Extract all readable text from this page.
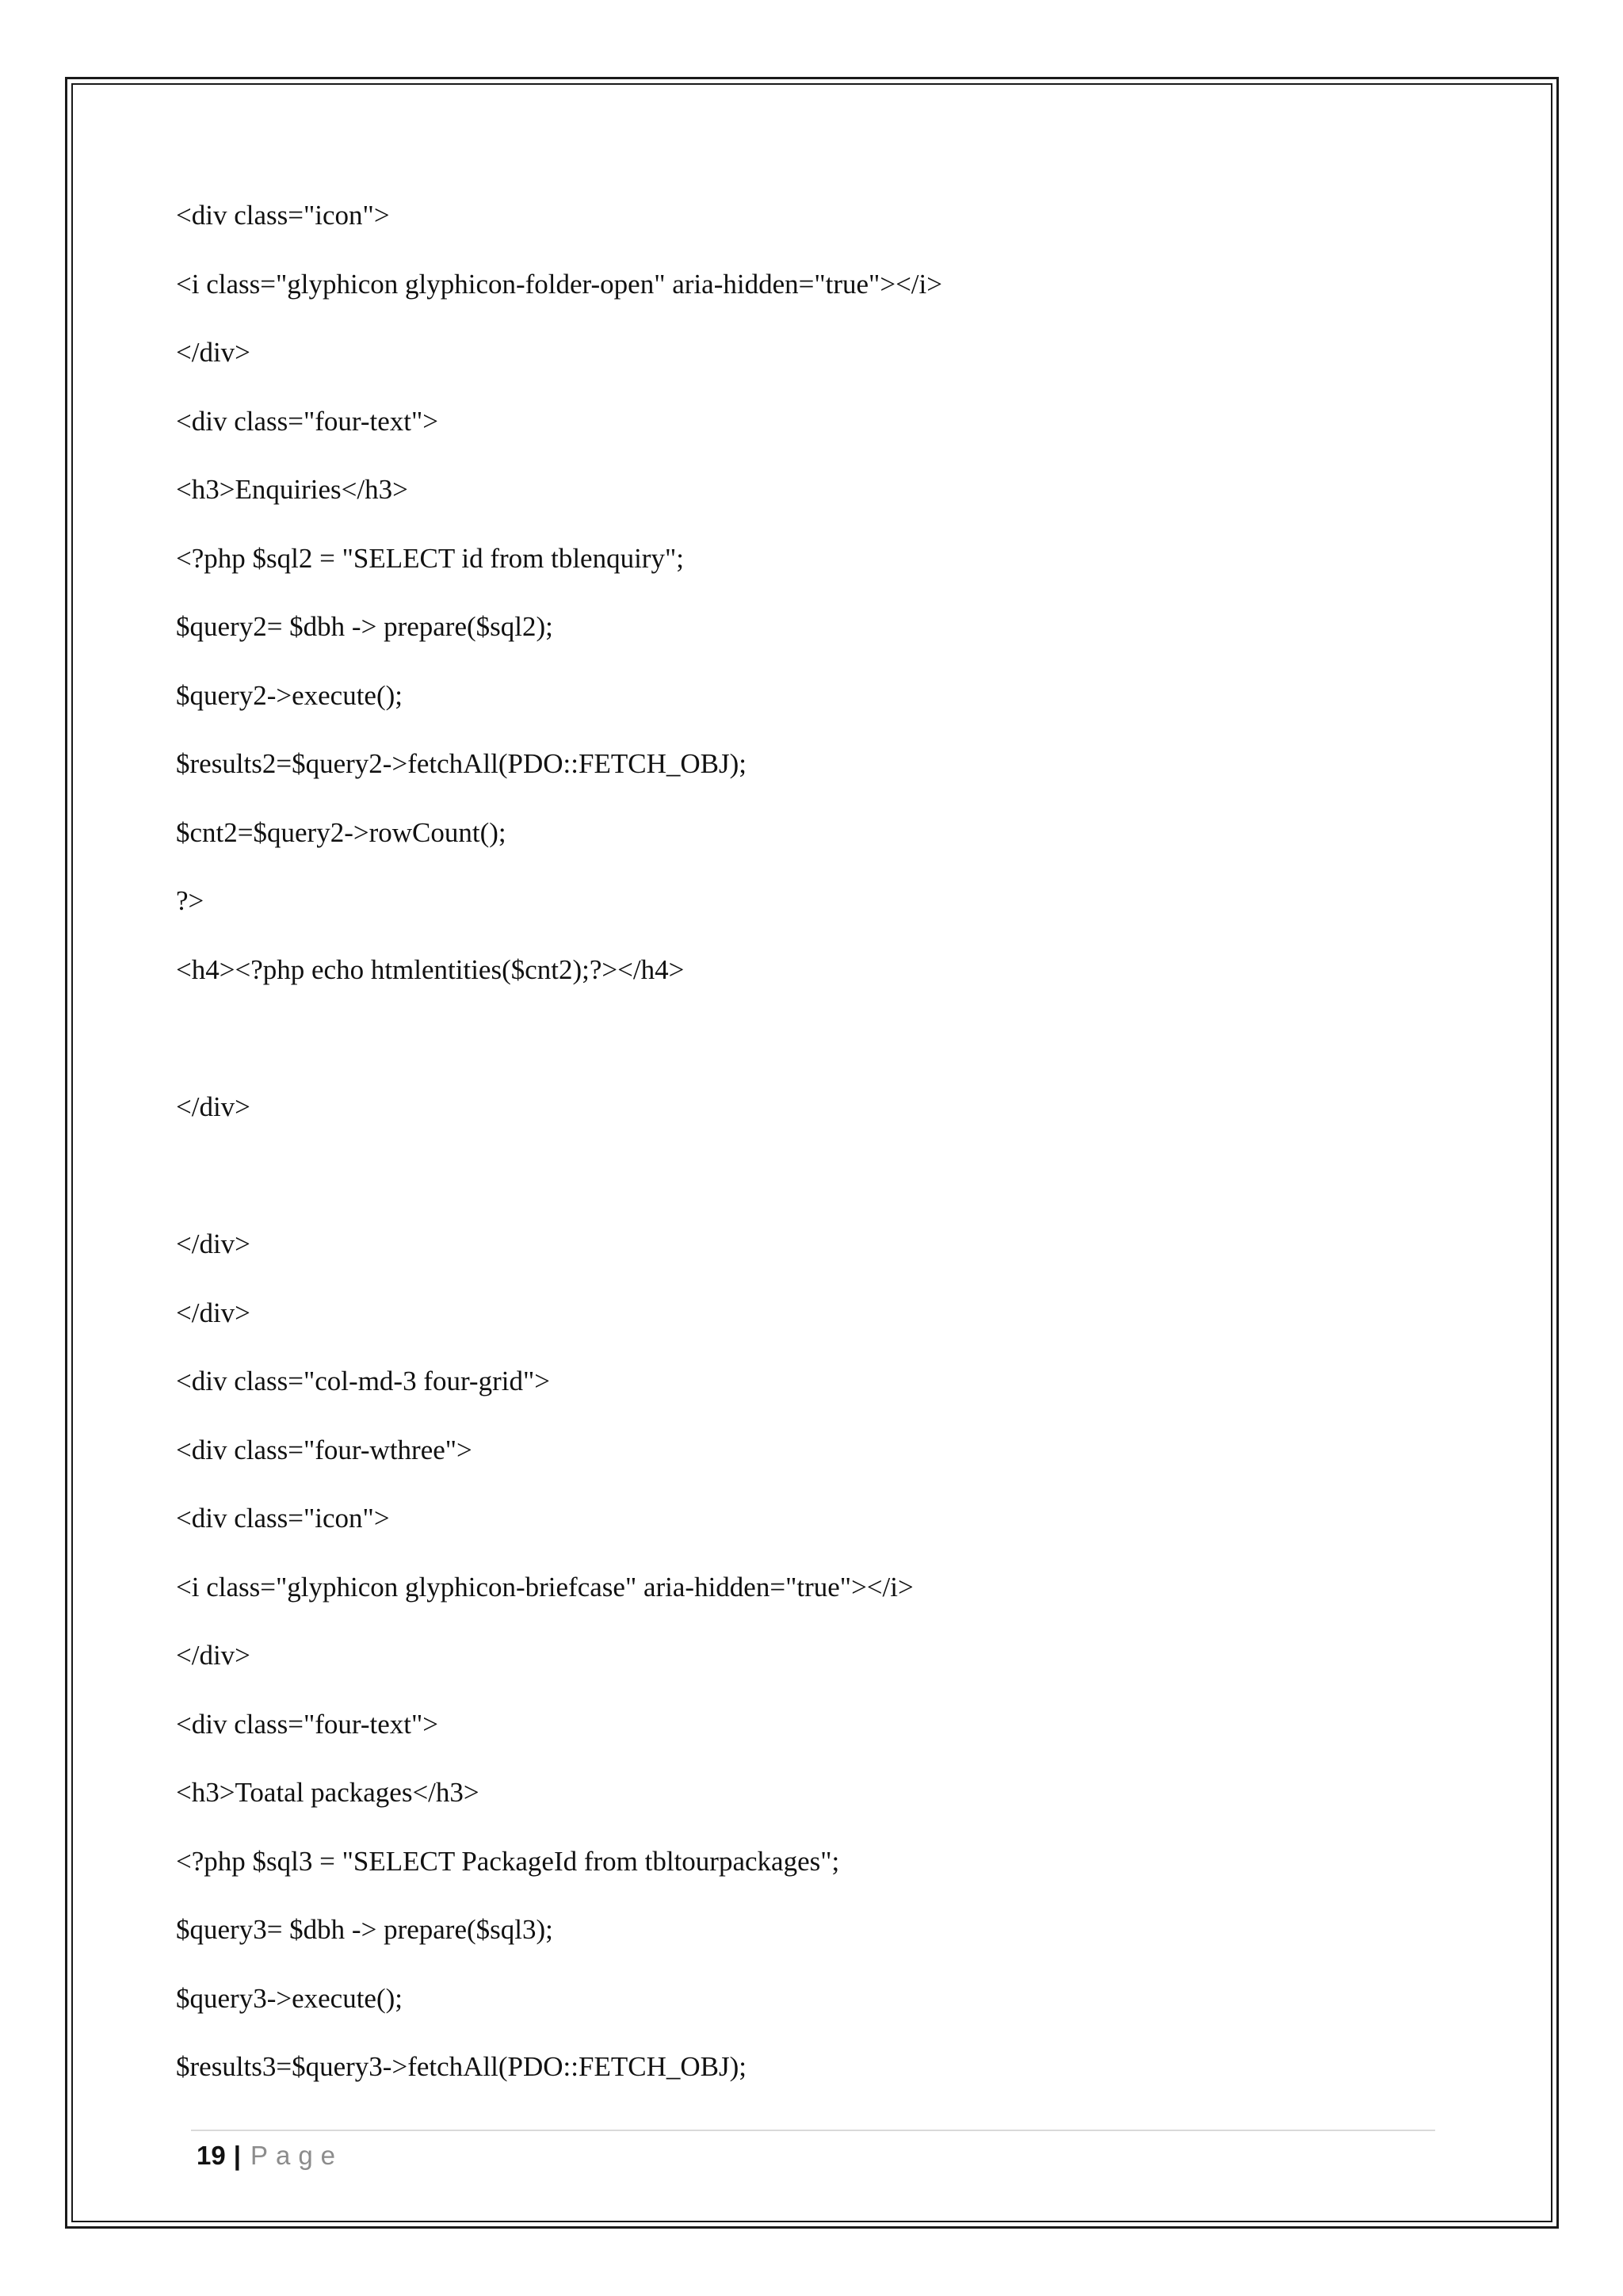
<div class="icon">
<i class="glyphicon glyphicon-folder-open" aria-hidden="true"></i>
</div>
<div class="four-text">
<h3>Enquiries</h3>
<?php $sql2 = "SELECT id from tblenquiry";
$query2= $dbh -> prepare($sql2);
$query2->execute();
$results2=$query2->fetchAll(PDO::FETCH_OBJ);
$cnt2=$query2->rowCount();
?>
<h4><?php echo htmlentities($cnt2);?></h4>
</div>
</div>
</div>
<div class="col-md-3 four-grid">
<div class="four-wthree">
<div class="icon">
<i class="glyphicon glyphicon-briefcase" aria-hidden="true"></i>
</div>
<div class="four-text">
<h3>Toatal packages</h3>
<?php $sql3 = "SELECT PackageId from tbltourpackages";
$query3= $dbh -> prepare($sql3);
$query3->execute();
$results3=$query3->fetchAll(PDO::FETCH_OBJ);
19 | Page
